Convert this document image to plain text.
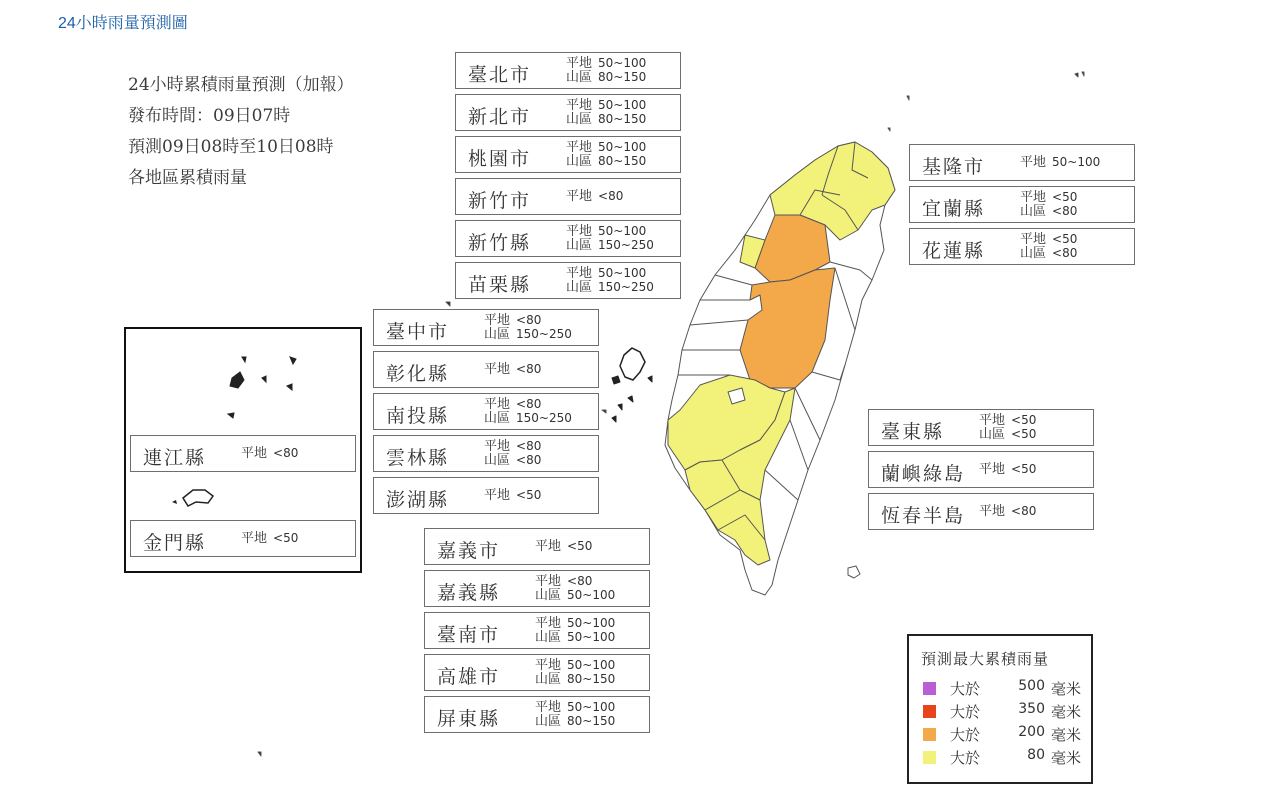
24小時雨量預測圖
24小時累積雨量預測（加報）
發布時間：09日07時
預測09日08時至10日08時
各地區累積雨量
臺北市
平地 50~100
山區 80~150
新北市
平地 50~100
山區 80~150
桃園市
平地 50~100
山區 80~150
新竹市	平地 <80
新竹縣
平地 50~100
山區 150~250
苗栗縣
平地 50~100
山區 150~250
臺中市
平地 <80
山區 150~250
彰化縣	平地 <80
南投縣
平地 <80
山區 150~250
雲林縣
平地 <80
山區 <80
澎湖縣	平地 <50
嘉義市	平地 <50
嘉義縣
平地 <80
山區 50~100
臺南市
平地 50~100
山區 50~100
高雄市
平地 50~100
山區 80~150
屏東縣
平地 50~100
山區 80~150
基隆市	平地 50~100
宜蘭縣
平地 <50
山區 <80
花蓮縣
平地 <50
山區 <80
臺東縣
平地 <50
山區 <50
蘭嶼綠島 平地 <50
恆春半島 平地 <80
連江縣	平地 <80
金門縣	平地 <50
預測最大累積雨量
大於	500 毫米
大於	350 毫米
大於	200 毫米
大於	80 毫米
